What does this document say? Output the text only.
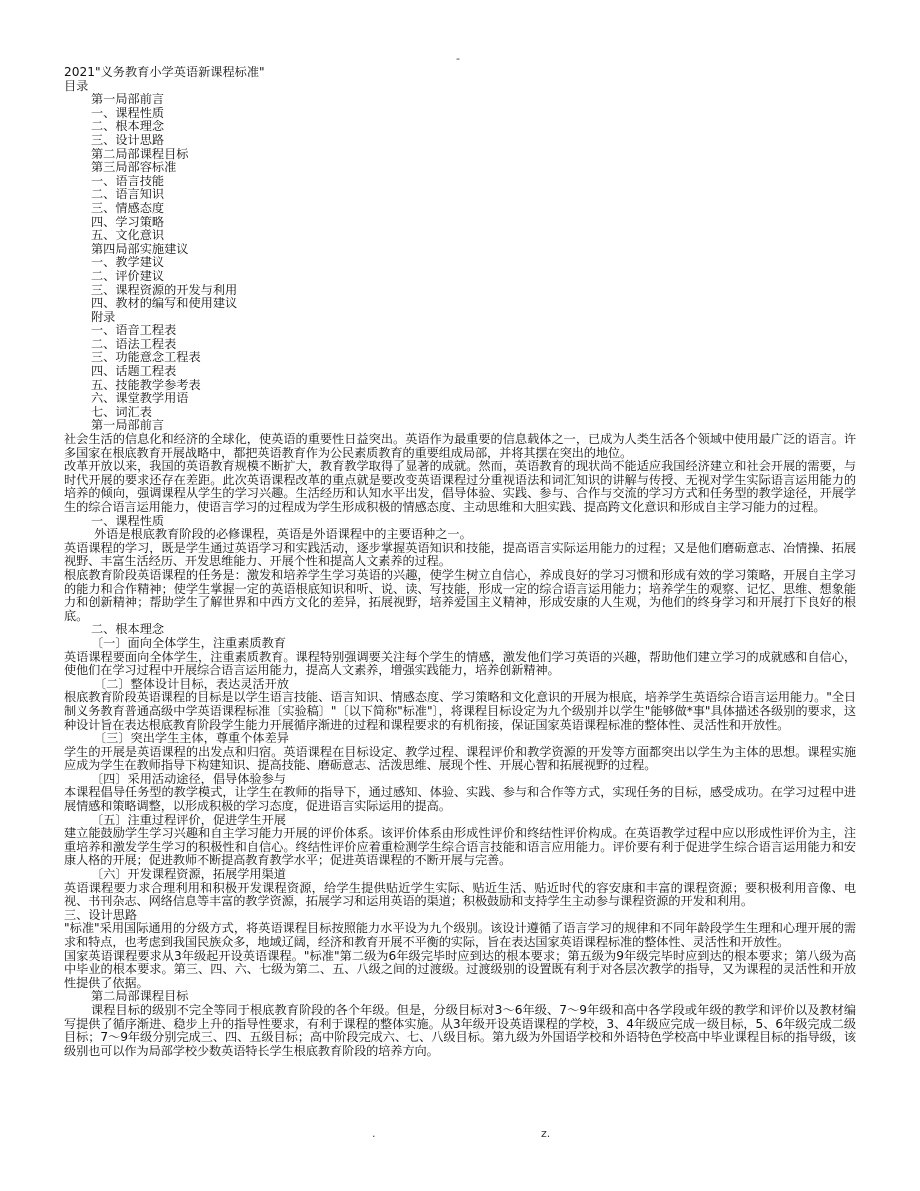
-

2021"义务教育小学英语新课程标准"

目录

第一局部前言

一、课程性质

二、根本理念

三、设计思路

第二局部课程目标

第三局部容标准

一、语言技能

二、语言知识

三、情感态度

四、学习策略

五、文化意识

第四局部实施建议

一、教学建议

二、评价建议

三、课程资源的开发与利用

四、教材的编写和使用建议

附录

一、语音工程表

二、语法工程表

三、功能意念工程表

四、话题工程表

五、技能教学参考表

六、课堂教学用语

七、词汇表

第一局部前言

社会生活的信息化和经济的全球化，使英语的重要性日益突出。英语作为最重要的信息载体之一，已成为人类生活各个领域中使用最广泛的语言。许多国家在根底教育开展战略中，都把英语教育作为公民素质教育的重要组成局部，并将其摆在突出的地位。

改革开放以来，我国的英语教育规模不断扩大，教育教学取得了显著的成就。然而，英语教育的现状尚不能适应我国经济建立和社会开展的需要，与时代开展的要求还存在差距。此次英语课程改革的重点就是要改变英语课程过分重视语法和词汇知识的讲解与传授、无视对学生实际语言运用能力的培养的倾向，强调课程从学生的学习兴趣。生活经历和认知水平出发，倡导体验、实践、参与、合作与交流的学习方式和任务型的教学途径，开展学生的综合语言运用能力，使语言学习的过程成为学生形成积极的情感态度、主动思维和大胆实践、提高跨文化意识和形成自主学习能力的过程。

一、课程性质

外语是根底教育阶段的必修课程，英语是外语课程中的主要语种之一。

英语课程的学习，既是学生通过英语学习和实践活动，逐步掌握英语知识和技能，提高语言实际运用能力的过程；又是他们磨砺意志、冶情操、拓展视野、丰富生活经历、开发思维能力、开展个性和提高人文素养的过程。

根底教育阶段英语课程的任务是：激发和培养学生学习英语的兴趣，使学生树立自信心，养成良好的学习习惯和形成有效的学习策略，开展自主学习的能力和合作精神；使学生掌握一定的英语根底知识和听、说、读、写技能，形成一定的综合语言运用能力；培养学生的观察、记忆、思维、想象能力和创新精神；帮助学生了解世界和中西方文化的差异，拓展视野，培养爱国主义精神，形成安康的人生观，为他们的终身学习和开展打下良好的根底。

二、根本理念

〔一〕面向全体学生，注重素质教育

英语课程要面向全体学生，注重素质教育。课程特别强调要关注每个学生的情感，激发他们学习英语的兴趣，帮助他们建立学习的成就感和自信心，使他们在学习过程中开展综合语言运用能力，提高人文素养，增强实践能力，培养创新精神。

〔二〕整体设计目标，表达灵活开放

根底教育阶段英语课程的目标是以学生语言技能、语言知识、情感态度、学习策略和文化意识的开展为根底，培养学生英语综合语言运用能力。"全日制义务教育普通高级中学英语课程标准〔实验稿〕"〔以下简称"标准"〕，将课程目标设定为九个级别并以学生"能够做*事"具体描述各级别的要求，这种设计旨在表达根底教育阶段学生能力开展循序渐进的过程和课程要求的有机衔接，保证国家英语课程标准的整体性、灵活性和开放性。

〔三〕突出学生主体，尊重个体差异

学生的开展是英语课程的出发点和归宿。英语课程在目标设定、教学过程、课程评价和教学资源的开发等方面都突出以学生为主体的思想。课程实施应成为学生在教师指导下构建知识、提高技能、磨砺意志、活泼思维、展现个性、开展心智和拓展视野的过程。

〔四〕采用活动途径，倡导体验参与

本课程倡导任务型的教学模式，让学生在教师的指导下，通过感知、体验、实践、参与和合作等方式，实现任务的目标，感受成功。在学习过程中进展情感和策略调整，以形成积极的学习态度，促进语言实际运用的提高。

〔五〕注重过程评价，促进学生开展

建立能鼓励学生学习兴趣和自主学习能力开展的评价体系。该评价体系由形成性评价和终结性评价构成。在英语教学过程中应以形成性评价为主，注重培养和激发学生学习的积极性和自信心。终结性评价应着重检测学生综合语言技能和语言应用能力。评价要有利于促进学生综合语言运用能力和安康人格的开展；促进教师不断提高教育教学水平；促进英语课程的不断开展与完善。

〔六〕开发课程资源，拓展学用渠道

英语课程要力求合理利用和积极开发课程资源，给学生提供贴近学生实际、贴近生活、贴近时代的容安康和丰富的课程资源；要积极利用音像、电视、书刊杂志、网络信息等丰富的教学资源，拓展学习和运用英语的渠道；积极鼓励和支持学生主动参与课程资源的开发和利用。

三、设计思路

"标准"采用国际通用的分级方式，将英语课程目标按照能力水平设为九个级别。该设计遵循了语言学习的规律和不同年龄段学生生理和心理开展的需求和特点，也考虑到我国民族众多，地域辽阔，经济和教育开展不平衡的实际，旨在表达国家英语课程标准的整体性、灵活性和开放性。

国家英语课程要求从3年级起开设英语课程。"标准"第二级为6年级完毕时应到达的根本要求；第五级为9年级完毕时应到达的根本要求；第八级为高中毕业的根本要求。第三、四、六、七级为第二、五、八级之间的过渡级。过渡级别的设置既有利于对各层次教学的指导，又为课程的灵活性和开放性提供了依据。

第二局部课程目标

课程目标的级别不完全等同于根底教育阶段的各个年级。但是，分级目标对3～6年级、7～9年级和高中各学段或年级的教学和评价以及教材编写提供了循序渐进、稳步上升的指导性要求，有利于课程的整体实施。从3年级开设英语课程的学校，3、4年级应完成一级目标，5、6年级完成二级目标；7～9年级分别完成三、四、五级目标；高中阶段完成六、七、八级目标。第九级为外国语学校和外语特色学校高中毕业课程目标的指导级，该级别也可以作为局部学校少数英语特长学生根底教育阶段的培养方向。

.	z.
